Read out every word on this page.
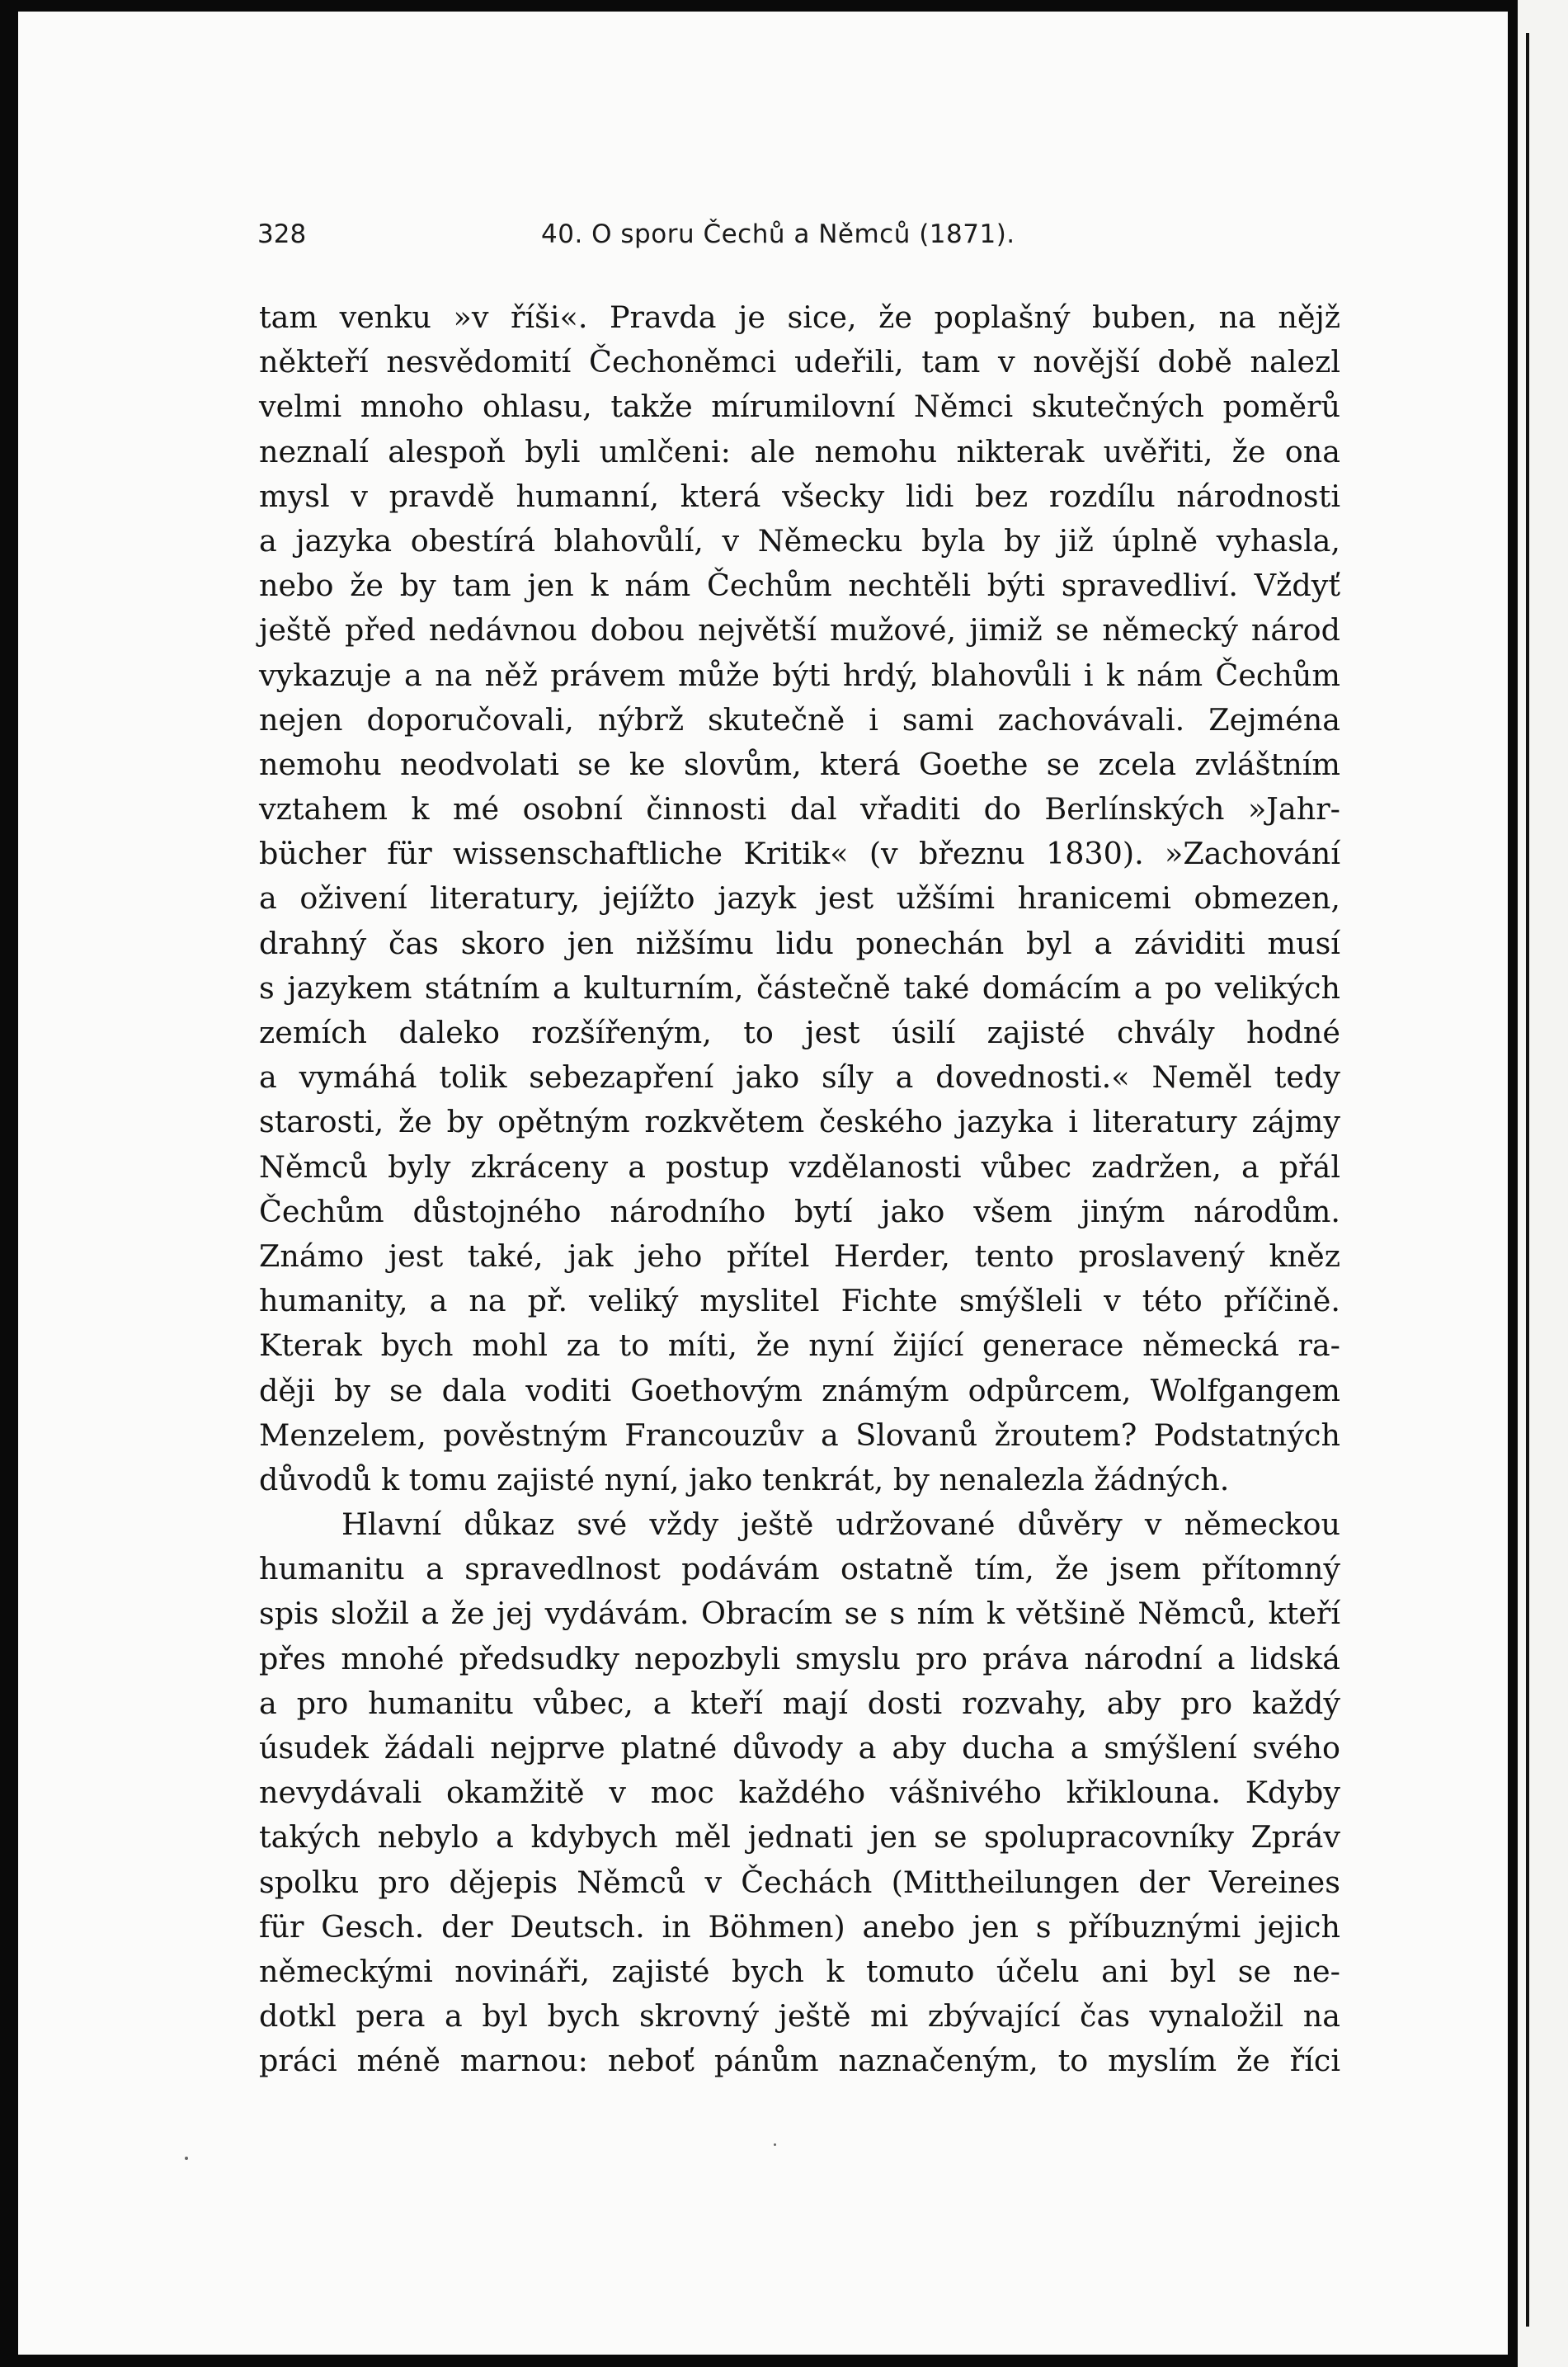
328	40. O sporu Čechů a Němců (1871).
tam venku »v říši«. Pravda je sice, že poplašný buben, na nějž
někteří nesvědomití Čechoněmci udeřili, tam v novější době nalezl
velmi mnoho ohlasu, takže mírumilovní Němci skutečných poměrů
neznalí alespoň byli umlčeni: ale nemohu nikterak uvěřiti, že ona
mysl v pravdě humanní, která všecky lidi bez rozdílu národnosti
a jazyka obestírá blahovůlí, v Německu byla by již úplně vyhasla,
nebo že by tam jen k nám Čechům nechtěli býti spravedliví. Vždyť
ještě před nedávnou dobou největší mužové, jimiž se německý národ
vykazuje a na něž právem může býti hrdý, blahovůli i k nám Čechům
nejen doporučovali, nýbrž skutečně i sami zachovávali. Zejména
nemohu neodvolati se ke slovům, která Goethe se zcela zvláštním
vztahem k mé osobní činnosti dal vřaditi do Berlínských »Jahr-
bücher für wissenschaftliche Kritik« (v březnu 1830). »Zachování
a oživení literatury, jejížto jazyk jest užšími hranicemi obmezen,
drahný čas skoro jen nižšímu lidu ponechán byl a záviditi musí
s jazykem státním a kulturním, částečně také domácím a po velikých
zemích daleko rozšířeným, to jest úsilí zajisté chvály hodné
a vymáhá tolik sebezapření jako síly a dovednosti.« Neměl tedy
starosti, že by opětným rozkvětem českého jazyka i literatury zájmy
Němců byly zkráceny a postup vzdělanosti vůbec zadržen, a přál
Čechům důstojného národního bytí jako všem jiným národům.
Známo jest také, jak jeho přítel Herder, tento proslavený kněz
humanity, a na př. veliký myslitel Fichte smýšleli v této příčině.
Kterak bych mohl za to míti, že nyní žijící generace německá ra-
ději by se dala voditi Goethovým známým odpůrcem, Wolfgangem
Menzelem, pověstným Francouzův a Slovanů žroutem? Podstatných
důvodů k tomu zajisté nyní, jako tenkrát, by nenalezla žádných.
Hlavní důkaz své vždy ještě udržované důvěry v německou
humanitu a spravedlnost podávám ostatně tím, že jsem přítomný
spis složil a že jej vydávám. Obracím se s ním k většině Němců, kteří
přes mnohé předsudky nepozbyli smyslu pro práva národní a lidská
a pro humanitu vůbec, a kteří mají dosti rozvahy, aby pro každý
úsudek žádali nejprve platné důvody a aby ducha a smýšlení svého
nevydávali okamžitě v moc každého vášnivého křiklouna. Kdyby
takých nebylo a kdybych měl jednati jen se spolupracovníky Zpráv
spolku pro dějepis Němců v Čechách (Mittheilungen der Vereines
für Gesch. der Deutsch. in Böhmen) anebo jen s příbuznými jejich
německými novináři, zajisté bych k tomuto účelu ani byl se ne-
dotkl pera a byl bych skrovný ještě mi zbývající čas vynaložil na
práci méně marnou: neboť pánům naznačeným, to myslím že říci
